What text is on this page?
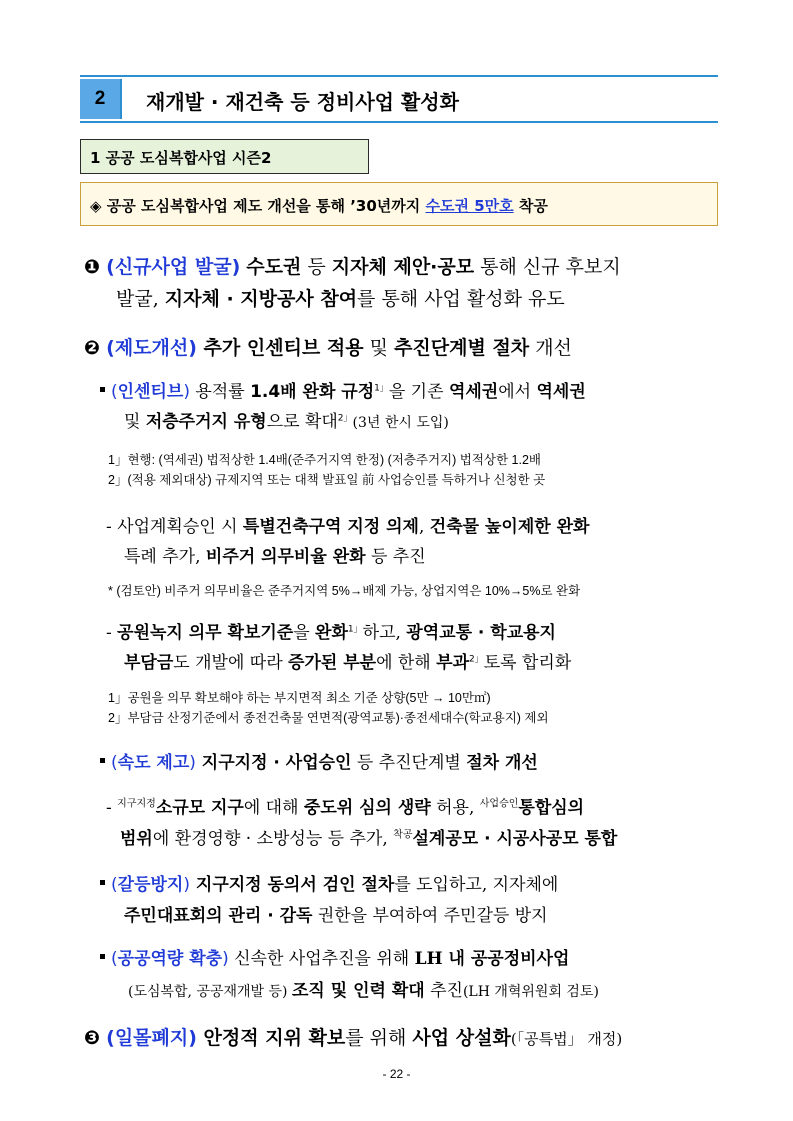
2	재개발 · 재건축 등 정비사업 활성화
1 공공 도심복합사업 시즌2
◈ 공공 도심복합사업 제도 개선을 통해 ’30년까지 수도권 5만호 착공
❶ (신규사업 발굴) 수도권 등 지자체 제안·공모 통해 신규 후보지
발굴, 지자체 · 지방공사 참여를 통해 사업 활성화 유도
❷ (제도개선) 추가 인센티브 적용 및 추진단계별 절차 개선
(인센티브) 용적률 1.4배 완화 규정$^{1」}$을 기존 역세권에서 역세권
및 저층주거지 유형으로 확대$^{2」}$(3년 한시 도입)
1」현행: (역세권) 법적상한 1.4배(준주거지역 한정) (저층주거지) 법적상한 1.2배
2」(적용 제외대상) 규제지역 또는 대책 발표일 前 사업승인를 득하거나 신청한 곳
- 사업계획승인 시 특별건축구역 지정 의제, 건축물 높이제한 완화
특례 추가, 비주거 의무비율 완화 등 추진
* (검토안) 비주거 의무비율은 준주거지역 5%→배제 가능, 상업지역은 10%→5%로 완화
- 공원녹지 의무 확보기준을 완화$^{1」}$하고, 광역교통 · 학교용지
부담금도 개발에 따라 증가된 부분에 한해 부과$^{2」}$토록 합리화
1」공원을 의무 확보해야 하는 부지면적 최소 기준 상향(5만 → 10만㎡)
2」부담금 산정기준에서 종전건축물 연면적(광역교통)·종전세대수(학교용지) 제외
(속도 제고) 지구지정 · 사업승인 등 추진단계별 절차 개선
- $^{지구지정}$소규모 지구에 대해 중도위 심의 생략 허용, $^{사업승인}$통합심의
범위에 환경영향 · 소방성능 등 추가, $^{착공}$설계공모 · 시공사공모 통합
(갈등방지) 지구지정 동의서 검인 절차를 도입하고, 지자체에
주민대표회의 관리 · 감독 권한을 부여하여 주민갈등 방지
(공공역량 확충) 신속한 사업추진을 위해 LH 내 공공정비사업
(도심복합, 공공재개발 등) 조직 및 인력 확대 추진(LH 개혁위원회 검토)
❸ (일몰폐지) 안정적 지위 확보를 위해 사업 상설화(「공특법」 개정)
- 22 -
